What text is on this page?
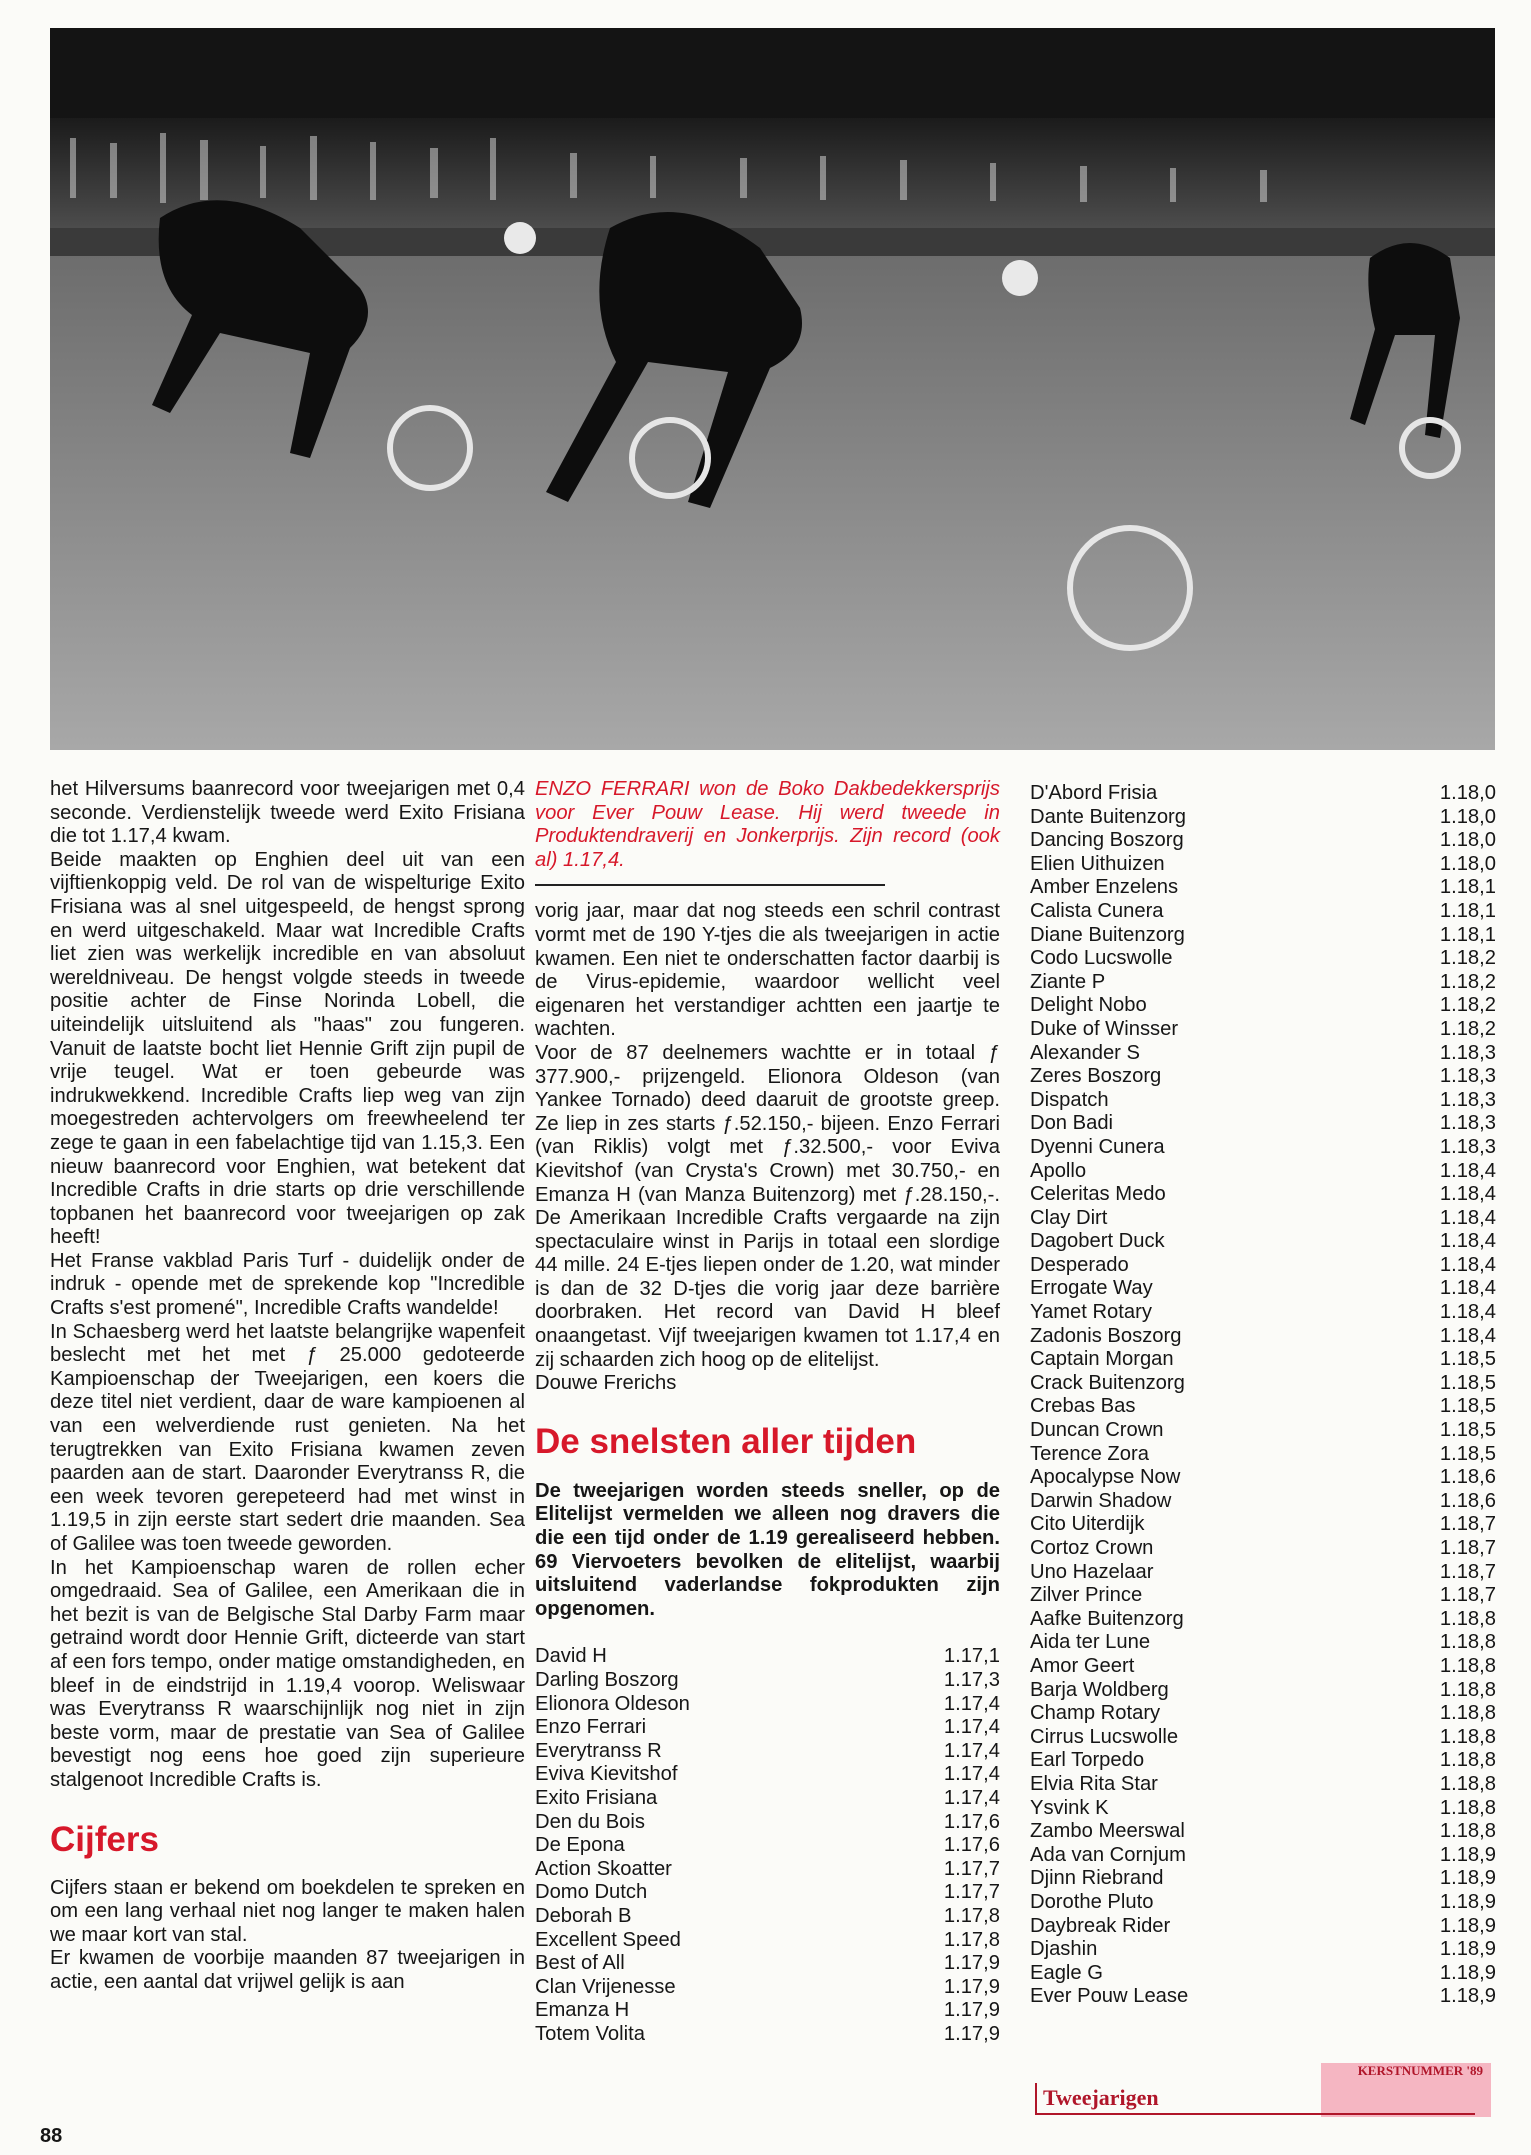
het Hilversums baanrecord voor tweejarigen met 0,4 seconde. Verdienstelijk tweede werd Exito Frisiana die tot 1.17,4 kwam.

Beide maakten op Enghien deel uit van een vijftienkoppig veld. De rol van de wispelturige Exito Frisiana was al snel uitgespeeld, de hengst sprong en werd uitgeschakeld. Maar wat Incredible Crafts liet zien was werkelijk incredible en van absoluut wereldniveau. De hengst volgde steeds in tweede positie achter de Finse Norinda Lobell, die uiteindelijk uitsluitend als "haas" zou fungeren. Vanuit de laatste bocht liet Hennie Grift zijn pupil de vrije teugel. Wat er toen gebeurde was indrukwekkend. Incredible Crafts liep weg van zijn moegestreden achtervolgers om freewheelend ter zege te gaan in een fabelachtige tijd van 1.15,3. Een nieuw baanrecord voor Enghien, wat betekent dat Incredible Crafts in drie starts op drie verschillende topbanen het baanrecord voor tweejarigen op zak heeft!

Het Franse vakblad Paris Turf - duidelijk onder de indruk - opende met de sprekende kop "Incredible Crafts s'est promené", Incredible Crafts wandelde!

In Schaesberg werd het laatste belangrijke wapenfeit beslecht met het met ƒ 25.000 gedoteerde Kampioenschap der Tweejarigen, een koers die deze titel niet verdient, daar de ware kampioenen al van een welverdiende rust genieten. Na het terugtrekken van Exito Frisiana kwamen zeven paarden aan de start. Daaronder Everytranss R, die een week tevoren gerepeteerd had met winst in 1.19,5 in zijn eerste start sedert drie maanden. Sea of Galilee was toen tweede geworden.

In het Kampioenschap waren de rollen echer omgedraaid. Sea of Galilee, een Amerikaan die in het bezit is van de Belgische Stal Darby Farm maar getraind wordt door Hennie Grift, dicteerde van start af een fors tempo, onder matige omstandigheden, en bleef in de eindstrijd in 1.19,4 voorop. Weliswaar was Everytranss R waarschijnlijk nog niet in zijn beste vorm, maar de prestatie van Sea of Galilee bevestigt nog eens hoe goed zijn superieure stalgenoot Incredible Crafts is.

Cijfers

Cijfers staan er bekend om boekdelen te spreken en om een lang verhaal niet nog langer te maken halen we maar kort van stal.

Er kwamen de voorbije maanden 87 tweejarigen in actie, een aantal dat vrijwel gelijk is aan

ENZO FERRARI won de Boko Dakbedekkersprijs voor Ever Pouw Lease. Hij werd tweede in Produktendraverij en Jonkerprijs. Zijn record (ook al) 1.17,4.

vorig jaar, maar dat nog steeds een schril contrast vormt met de 190 Y-tjes die als tweejarigen in actie kwamen. Een niet te onderschatten factor daarbij is de Virus-epidemie, waardoor wellicht veel eigenaren het verstandiger achtten een jaartje te wachten.

Voor de 87 deelnemers wachtte er in totaal ƒ 377.900,- prijzengeld. Elionora Oldeson (van Yankee Tornado) deed daaruit de grootste greep. Ze liep in zes starts ƒ.52.150,- bijeen. Enzo Ferrari (van Riklis) volgt met ƒ.32.500,- voor Eviva Kievitshof (van Crysta's Crown) met 30.750,- en Emanza H (van Manza Buitenzorg) met ƒ.28.150,-. De Amerikaan Incredible Crafts vergaarde na zijn spectaculaire winst in Parijs in totaal een slordige 44 mille. 24 E-tjes liepen onder de 1.20, wat minder is dan de 32 D-tjes die vorig jaar deze barrière doorbraken. Het record van David H bleef onaangetast. Vijf tweejarigen kwamen tot 1.17,4 en zij schaarden zich hoog op de elitelijst.

Douwe Frerichs

De snelsten aller tijden

De tweejarigen worden steeds sneller, op de Elitelijst vermelden we alleen nog dravers die die een tijd onder de 1.19 gerealiseerd hebben. 69 Viervoeters bevolken de elitelijst, waarbij uitsluitend vaderlandse fokprodukten zijn opgenomen.

David H	1.17,1
Darling Boszorg	1.17,3
Elionora Oldeson	1.17,4
Enzo Ferrari	1.17,4
Everytranss R	1.17,4
Eviva Kievitshof	1.17,4
Exito Frisiana	1.17,4
Den du Bois	1.17,6
De Epona	1.17,6
Action Skoatter	1.17,7
Domo Dutch	1.17,7
Deborah B	1.17,8
Excellent Speed	1.17,8
Best of All	1.17,9
Clan Vrijenesse	1.17,9
Emanza H	1.17,9
Totem Volita	1.17,9
D'Abord Frisia	1.18,0
Dante Buitenzorg	1.18,0
Dancing Boszorg	1.18,0
Elien Uithuizen	1.18,0
Amber Enzelens	1.18,1
Calista Cunera	1.18,1
Diane Buitenzorg	1.18,1
Codo Lucswolle	1.18,2
Ziante P	1.18,2
Delight Nobo	1.18,2
Duke of Winsser	1.18,2
Alexander S	1.18,3
Zeres Boszorg	1.18,3
Dispatch	1.18,3
Don Badi	1.18,3
Dyenni Cunera	1.18,3
Apollo	1.18,4
Celeritas Medo	1.18,4
Clay Dirt	1.18,4
Dagobert Duck	1.18,4
Desperado	1.18,4
Errogate Way	1.18,4
Yamet Rotary	1.18,4
Zadonis Boszorg	1.18,4
Captain Morgan	1.18,5
Crack Buitenzorg	1.18,5
Crebas Bas	1.18,5
Duncan Crown	1.18,5
Terence Zora	1.18,5
Apocalypse Now	1.18,6
Darwin Shadow	1.18,6
Cito Uiterdijk	1.18,7
Cortoz Crown	1.18,7
Uno Hazelaar	1.18,7
Zilver Prince	1.18,7
Aafke Buitenzorg	1.18,8
Aida ter Lune	1.18,8
Amor Geert	1.18,8
Barja Woldberg	1.18,8
Champ Rotary	1.18,8
Cirrus Lucswolle	1.18,8
Earl Torpedo	1.18,8
Elvia Rita Star	1.18,8
Ysvink K	1.18,8
Zambo Meerswal	1.18,8
Ada van Cornjum	1.18,9
Djinn Riebrand	1.18,9
Dorothe Pluto	1.18,9
Daybreak Rider	1.18,9
Djashin	1.18,9
Eagle G	1.18,9
Ever Pouw Lease	1.18,9
KERSTNUMMER '89
Tweejarigen
88
